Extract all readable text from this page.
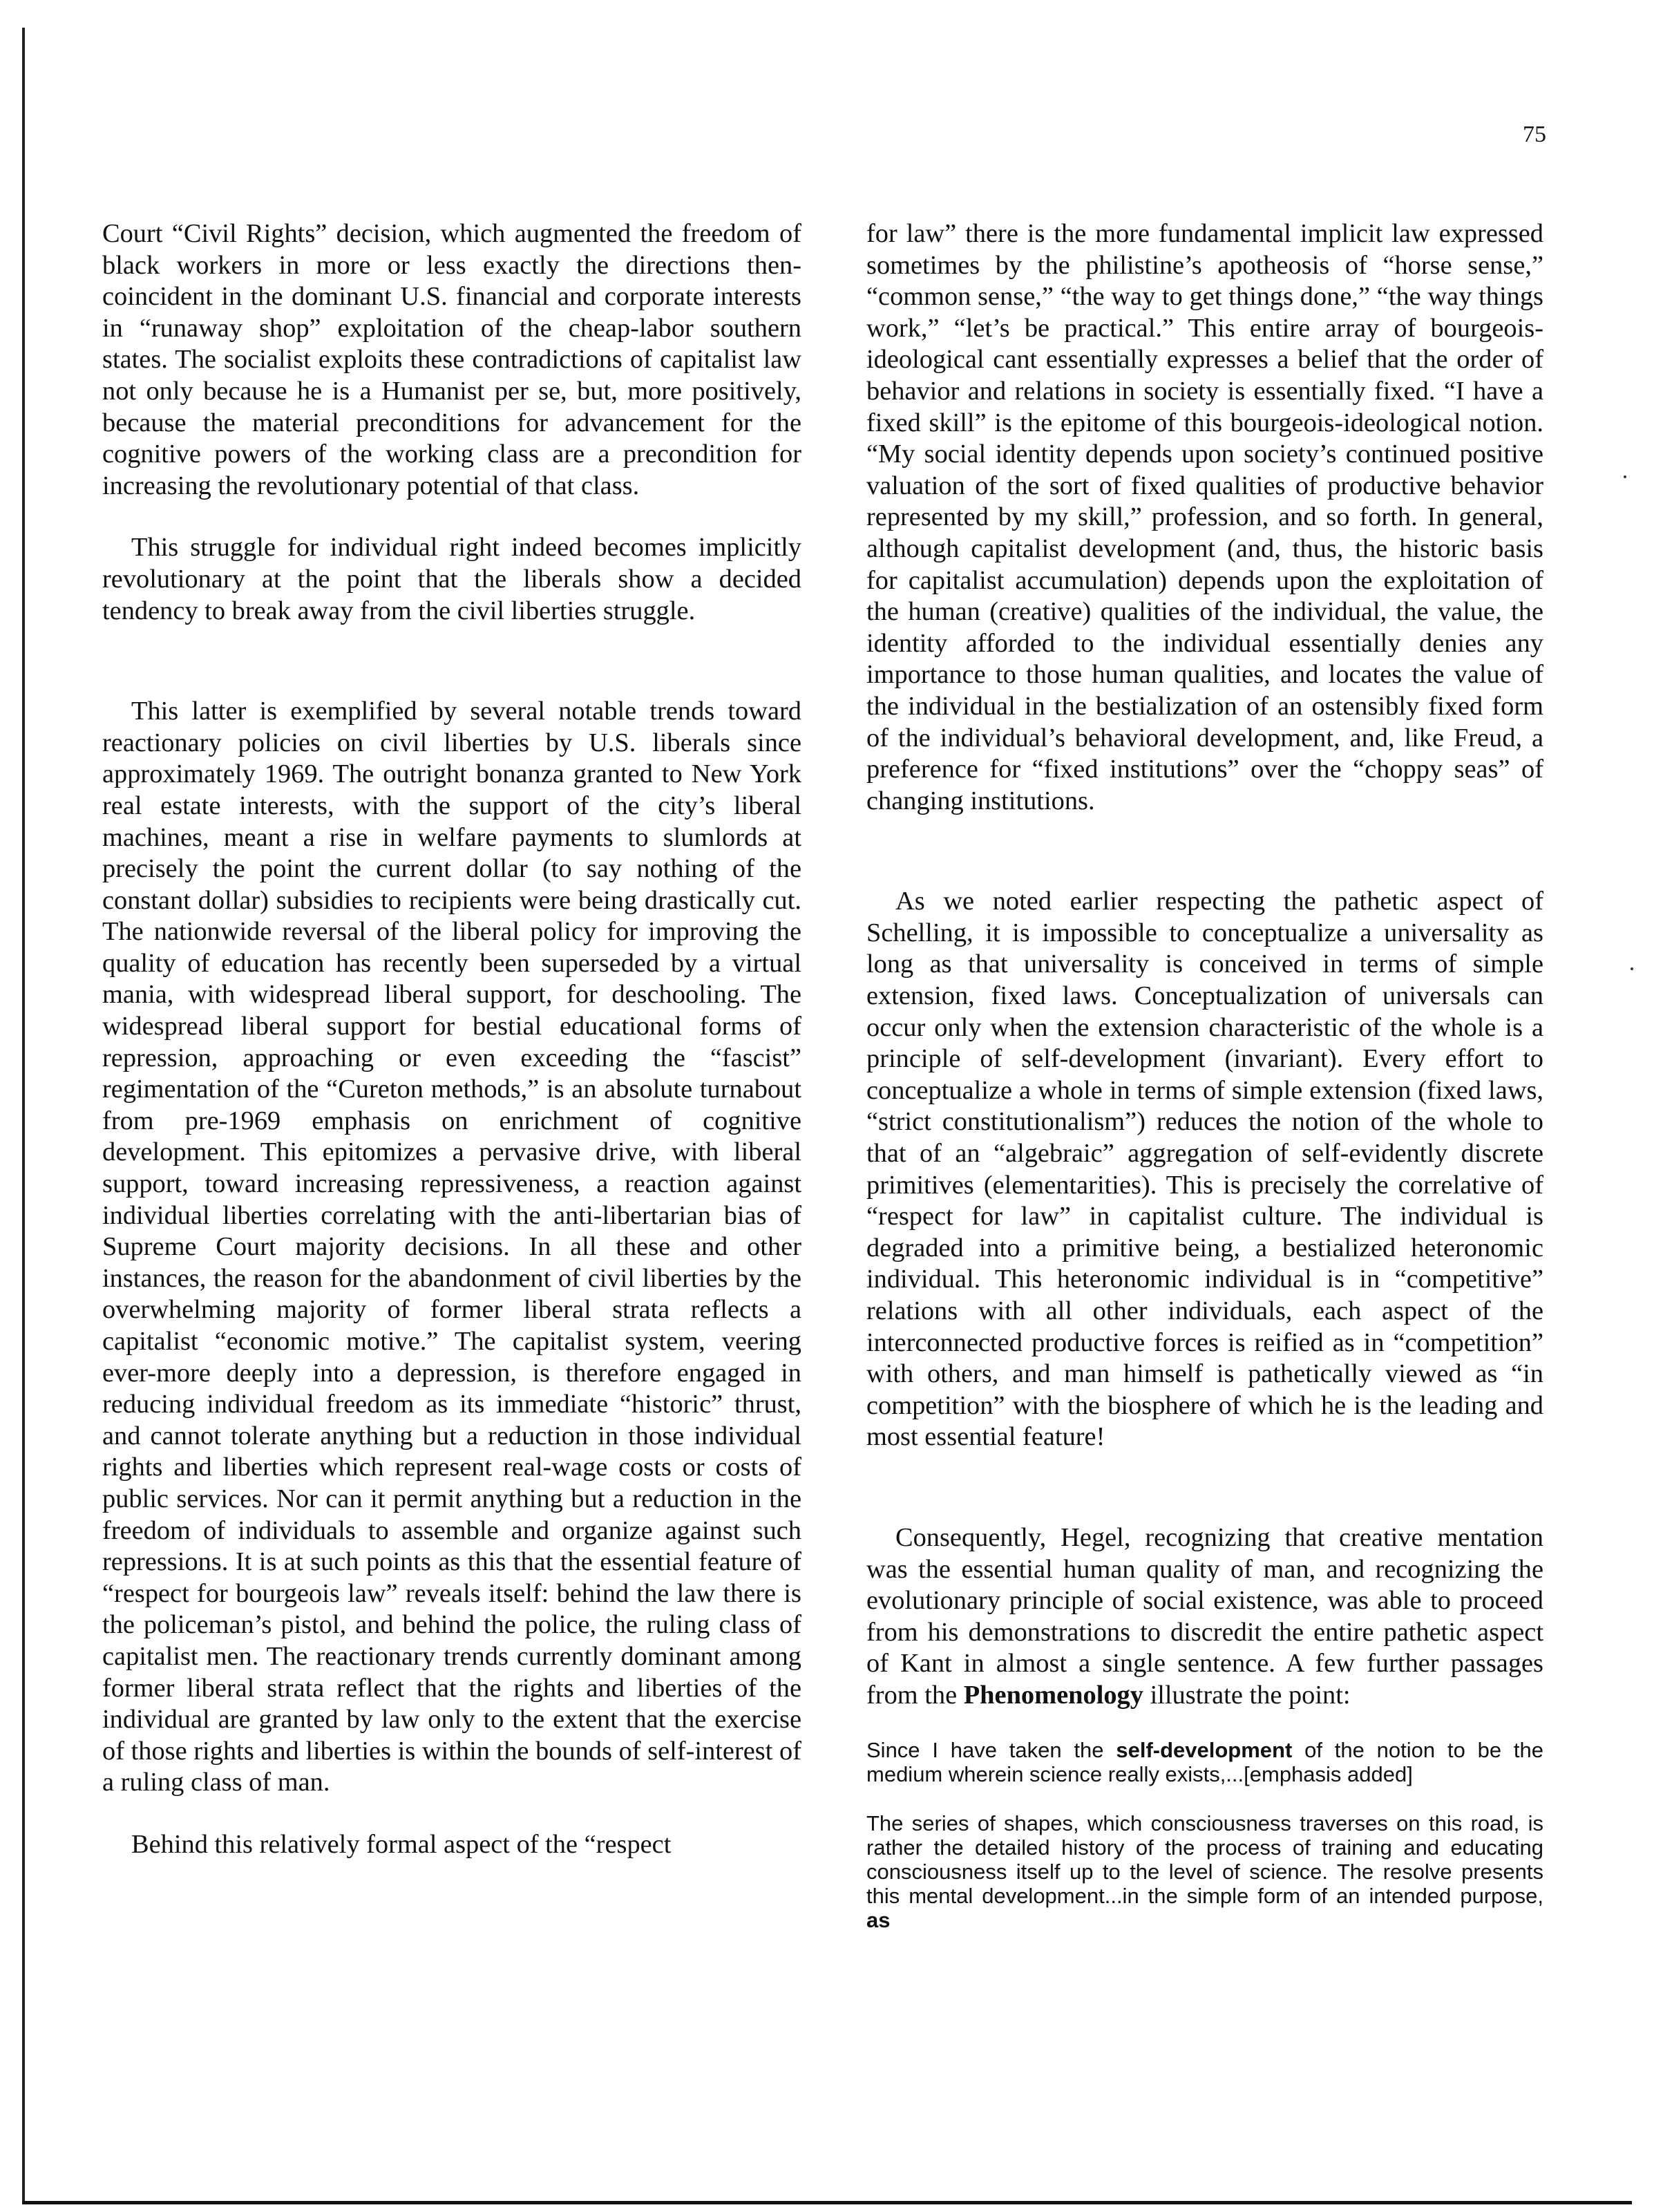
75

Court “Civil Rights” decision, which augmented the freedom of black workers in more or less exactly the directions then-coincident in the dominant U.S. financial and corporate interests in “runaway shop” exploitation of the cheap-labor southern states. The socialist exploits these contradictions of capitalist law not only because he is a Humanist per se, but, more positively, because the material preconditions for advancement for the cognitive powers of the working class are a precondition for increasing the revolutionary potential of that class.

This struggle for individual right indeed becomes implicitly revolutionary at the point that the liberals show a decided tendency to break away from the civil liberties struggle.

This latter is exemplified by several notable trends toward reactionary policies on civil liberties by U.S. liberals since approximately 1969. The outright bonanza granted to New York real estate interests, with the support of the city’s liberal machines, meant a rise in welfare payments to slumlords at precisely the point the current dollar (to say nothing of the constant dollar) subsidies to recipients were being drastically cut. The nationwide reversal of the liberal policy for improving the quality of education has recently been superseded by a virtual mania, with widespread liberal support, for deschooling. The widespread liberal support for bestial educational forms of repression, approaching or even exceeding the “fascist” regimentation of the “Cureton methods,” is an absolute turnabout from pre-1969 emphasis on enrichment of cognitive development. This epitomizes a pervasive drive, with liberal support, toward increasing repressiveness, a reaction against individual liberties correlating with the anti-libertarian bias of Supreme Court majority decisions. In all these and other instances, the reason for the abandonment of civil liberties by the overwhelming majority of former liberal strata reflects a capitalist “economic motive.” The capitalist system, veering ever-more deeply into a depression, is therefore engaged in reducing individual freedom as its immediate “historic” thrust, and cannot tolerate anything but a reduction in those individual rights and liberties which represent real-wage costs or costs of public services. Nor can it permit anything but a reduction in the freedom of individuals to assemble and organize against such repressions. It is at such points as this that the essential feature of “respect for bourgeois law” reveals itself: behind the law there is the policeman’s pistol, and behind the police, the ruling class of capitalist men. The reactionary trends currently dominant among former liberal strata reflect that the rights and liberties of the individual are granted by law only to the extent that the exercise of those rights and liberties is within the bounds of self-interest of a ruling class of man.

Behind this relatively formal aspect of the “respect

for law” there is the more fundamental implicit law expressed sometimes by the philistine’s apotheosis of “horse sense,” “common sense,” “the way to get things done,” “the way things work,” “let’s be practical.” This entire array of bourgeois-ideological cant essentially expresses a belief that the order of behavior and relations in society is essentially fixed. “I have a fixed skill” is the epitome of this bourgeois-ideological notion. “My social identity depends upon society’s continued positive valuation of the sort of fixed qualities of productive behavior represented by my skill,” profession, and so forth. In general, although capitalist development (and, thus, the historic basis for capitalist accumulation) depends upon the exploitation of the human (creative) qualities of the individual, the value, the identity afforded to the individual essentially denies any importance to those human qualities, and locates the value of the individual in the bestialization of an ostensibly fixed form of the individual’s behavioral development, and, like Freud, a preference for “fixed institutions” over the “choppy seas” of changing institutions.

As we noted earlier respecting the pathetic aspect of Schelling, it is impossible to conceptualize a universality as long as that universality is conceived in terms of simple extension, fixed laws. Conceptualization of universals can occur only when the extension characteristic of the whole is a principle of self-development (invariant). Every effort to conceptualize a whole in terms of simple extension (fixed laws, “strict constitutionalism”) reduces the notion of the whole to that of an “algebraic” aggregation of self-evidently discrete primitives (elementarities). This is precisely the correlative of “respect for law” in capitalist culture. The individual is degraded into a primitive being, a bestialized heteronomic individual. This heteronomic individual is in “competitive” relations with all other individuals, each aspect of the interconnected productive forces is reified as in “competition” with others, and man himself is pathetically viewed as “in competition” with the biosphere of which he is the leading and most essential feature!

Consequently, Hegel, recognizing that creative mentation was the essential human quality of man, and recognizing the evolutionary principle of social existence, was able to proceed from his demonstrations to discredit the entire pathetic aspect of Kant in almost a single sentence. A few further passages from the Phenomenology illustrate the point:

Since I have taken the self-development of the notion to be the medium wherein science really exists,...[emphasis added]

The series of shapes, which consciousness traverses on this road, is rather the detailed history of the process of training and educating consciousness itself up to the level of science. The resolve presents this mental development...in the simple form of an intended purpose, as
